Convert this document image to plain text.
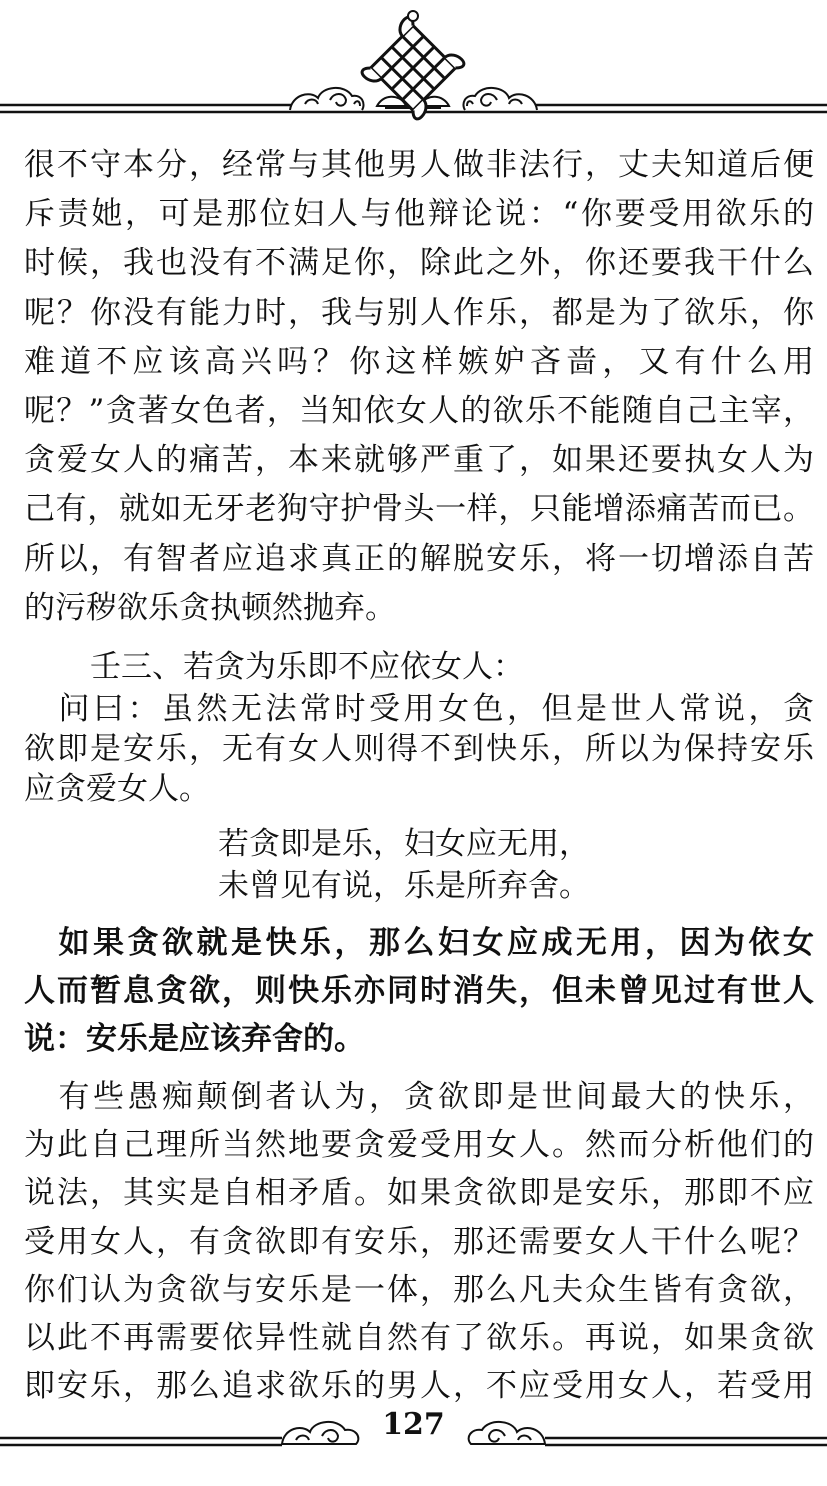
很不守本分，经常与其他男人做非法行，丈夫知道后便
斥责她，可是那位妇人与他辩论说：“你要受用欲乐的
时候，我也没有不满足你，除此之外，你还要我干什么
呢？你没有能力时，我与别人作乐，都是为了欲乐，你
难道不应该高兴吗？你这样嫉妒吝啬，又有什么用
呢？”贪著女色者，当知依女人的欲乐不能随自己主宰，
贪爱女人的痛苦，本来就够严重了，如果还要执女人为
己有，就如无牙老狗守护骨头一样，只能增添痛苦而已。
所以，有智者应追求真正的解脱安乐，将一切增添自苦
的污秽欲乐贪执顿然抛弃。
壬三、若贪为乐即不应依女人：
　问曰：虽然无法常时受用女色，但是世人常说，贪
欲即是安乐，无有女人则得不到快乐，所以为保持安乐
应贪爱女人。
若贪即是乐，妇女应无用，
未曾见有说，乐是所弃舍。
　如果贪欲就是快乐，那么妇女应成无用，因为依女
人而暂息贪欲，则快乐亦同时消失，但未曾见过有世人
说：安乐是应该弃舍的。
　有些愚痴颠倒者认为，贪欲即是世间最大的快乐，
为此自己理所当然地要贪爱受用女人。然而分析他们的
说法，其实是自相矛盾。如果贪欲即是安乐，那即不应
受用女人，有贪欲即有安乐，那还需要女人干什么呢？
你们认为贪欲与安乐是一体，那么凡夫众生皆有贪欲，
以此不再需要依异性就自然有了欲乐。再说，如果贪欲
即安乐，那么追求欲乐的男人，不应受用女人，若受用
127
